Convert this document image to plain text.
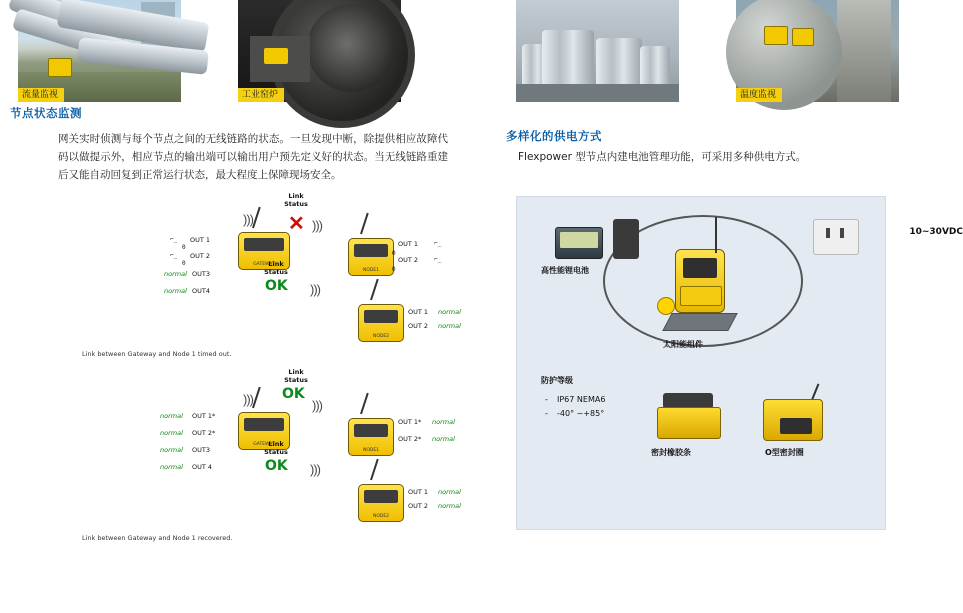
流量监视	工业窑炉	温度监视
节点状态监测
网关实时侦测与每个节点之间的无线链路的状态。一旦发现中断，除提供相应故障代码以做提示外，相应节点的输出端可以输出用户预先定义好的状态。当无线链路重建后又能自动回复到正常运行状态，最大程度上保障现场安全。
多样化的供电方式
Flexpower 型节点内建电池管理功能，可采用多种供电方式。
GATEWAY
)))
⌐_ OUT 1
0
⌐_ OUT 2
0
normal OUT3
normal OUT4
Link
Status
✕ )))
NODE1
OUT 1
0
OUT 2
0
⌐_
⌐_
Link
Status
OK )))
NODE2
OUT 1 normal
OUT 2 normal
Link between Gateway and Node 1 timed out.
GATEWAY
)))
normal OUT 1*
normal OUT 2*
normal OUT3
normal OUT 4
Link
Status
OK
)))
NODE1
OUT 1* normal
OUT 2* normal
Link
Status
OK )))
NODE2
OUT 1 normal
OUT 2 normal
Link between Gateway and Node 1 recovered.
10~30VDC
高性能锂电池
太阳能组件
防护等级
- IP67 NEMA6
- -40° ~+85°
密封橡胶条	O型密封圈
